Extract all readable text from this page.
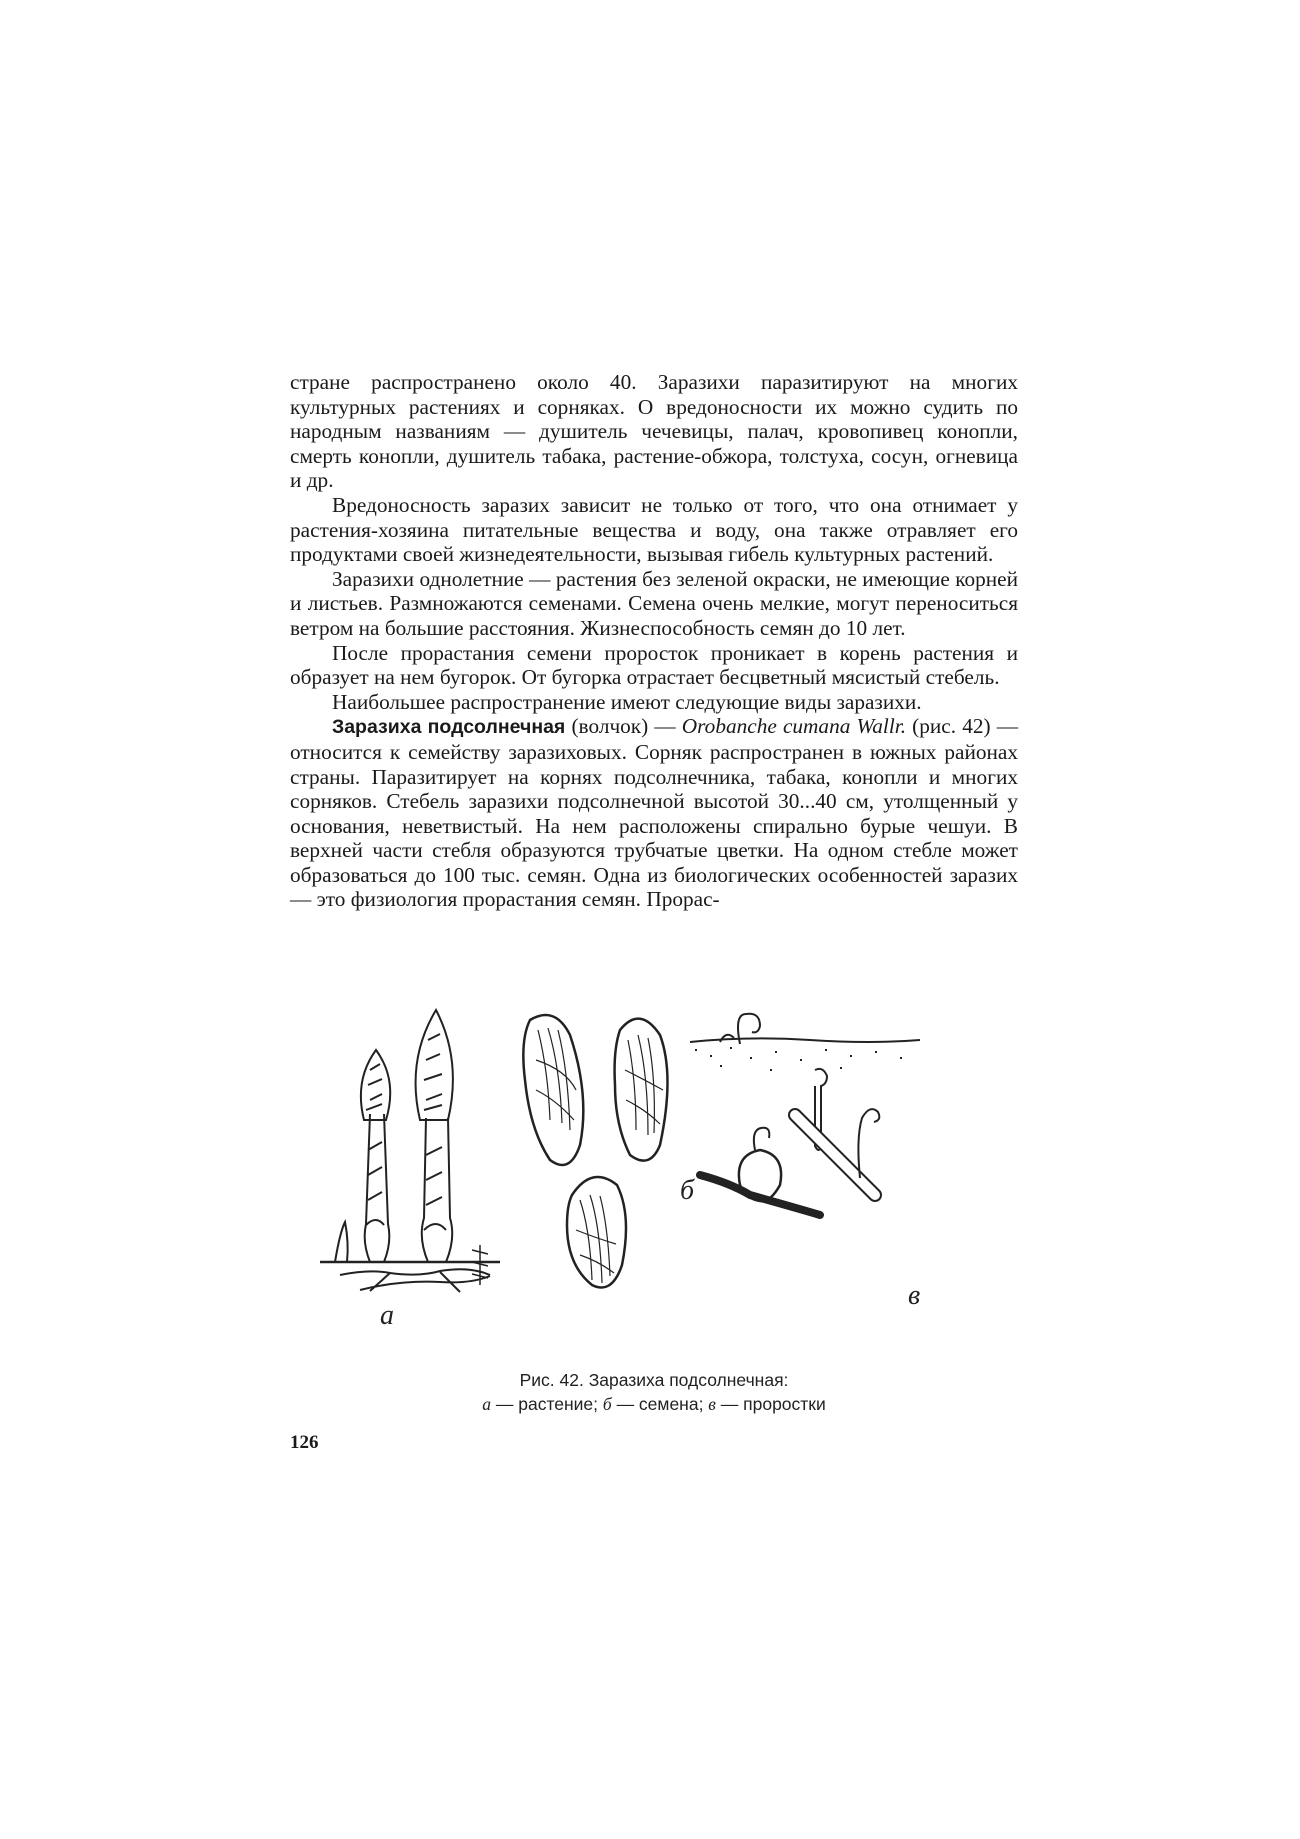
стране распространено около 40. Заразихи паразитируют на многих культурных растениях и сорняках. О вредоносности их можно судить по народным названиям — душитель чечевицы, палач, кровопивец конопли, смерть конопли, душитель табака, растение-обжора, толстуха, сосун, огневица и др.

Вредоносность заразих зависит не только от того, что она отнимает у растения-хозяина питательные вещества и воду, она также отравляет его продуктами своей жизнедеятельности, вызывая гибель культурных растений.

Заразихи однолетние — растения без зеленой окраски, не имеющие корней и листьев. Размножаются семенами. Семена очень мелкие, могут переноситься ветром на большие расстояния. Жизнеспособность семян до 10 лет.

После прорастания семени проросток проникает в корень растения и образует на нем бугорок. От бугорка отрастает бесцветный мясистый стебель.

Наибольшее распространение имеют следующие виды заразихи.

Заразиха подсолнечная (волчок) — Orobanche cumana Wallr. (рис. 42) — относится к семейству заразиховых. Сорняк распространен в южных районах страны. Паразитирует на корнях подсолнечника, табака, конопли и многих сорняков. Стебель заразихи подсолнечной высотой 30...40 см, утолщенный у основания, неветвистый. На нем расположены спирально бурые чешуи. В верхней части стебля образуются трубчатые цветки. На одном стебле может образоваться до 100 тыс. семян. Одна из биологических особенностей заразих — это физиология прорастания семян. Прорас-

а
б
в
Рис. 42. Заразиха подсолнечная:
а — растение; б — семена; в — проростки
126
